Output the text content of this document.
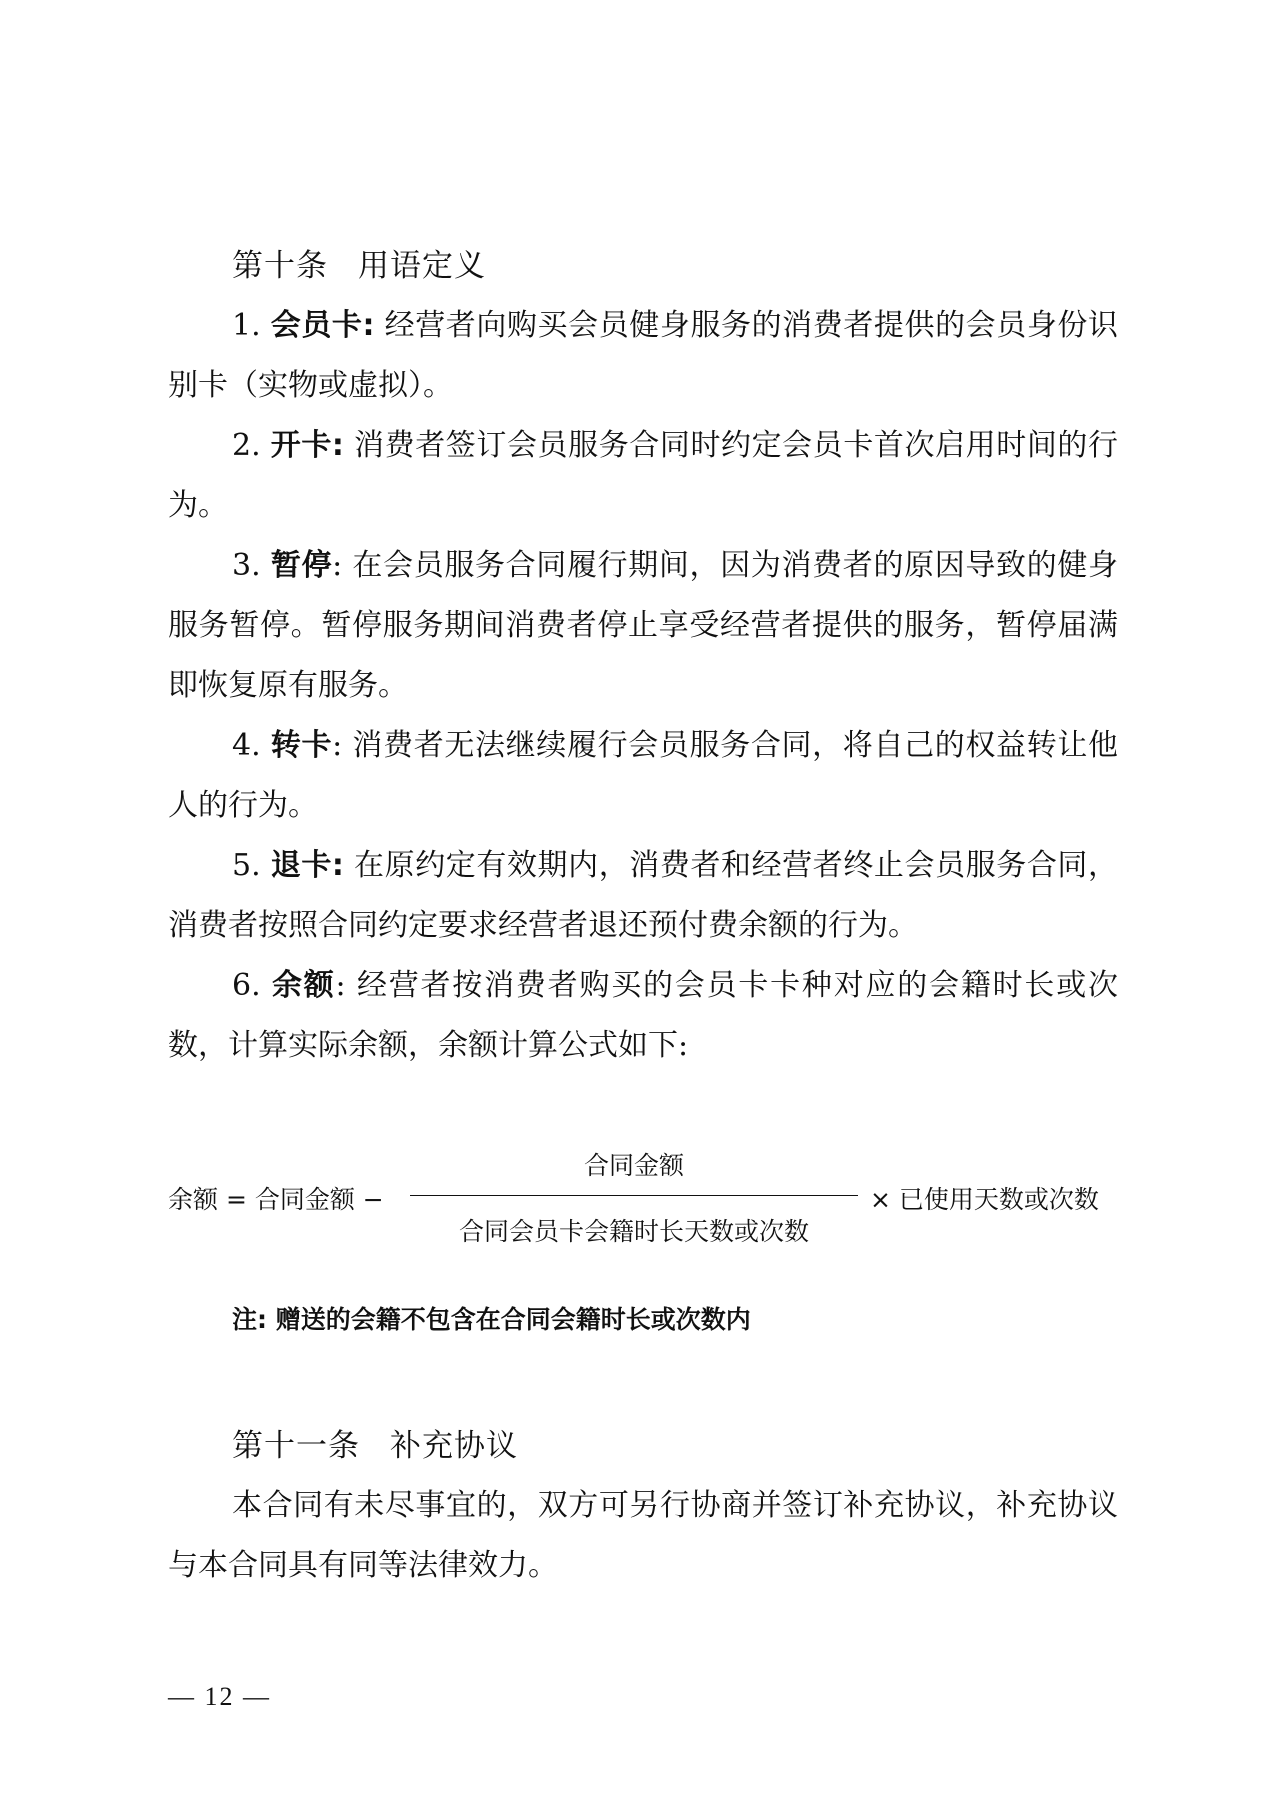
第十条 用语定义

1. 会员卡: 经营者向购买会员健身服务的消费者提供的会员身份识别卡（实物或虚拟）。

2. 开卡: 消费者签订会员服务合同时约定会员卡首次启用时间的行为。

3. 暂停: 在会员服务合同履行期间，因为消费者的原因导致的健身服务暂停。暂停服务期间消费者停止享受经营者提供的服务，暂停届满即恢复原有服务。

4. 转卡: 消费者无法继续履行会员服务合同，将自己的权益转让他人的行为。

5. 退卡: 在原约定有效期内，消费者和经营者终止会员服务合同，消费者按照合同约定要求经营者退还预付费余额的行为。

6. 余额: 经营者按消费者购买的会员卡卡种对应的会籍时长或次数，计算实际余额，余额计算公式如下:

余额 = 合同金额 −
合同金额
合同会员卡会籍时长天数或次数
× 已使用天数或次数
注: 赠送的会籍不包含在合同会籍时长或次数内
第十一条 补充协议
本合同有未尽事宜的，双方可另行协商并签订补充协议，补充协议与本合同具有同等法律效力。
— 12 —
